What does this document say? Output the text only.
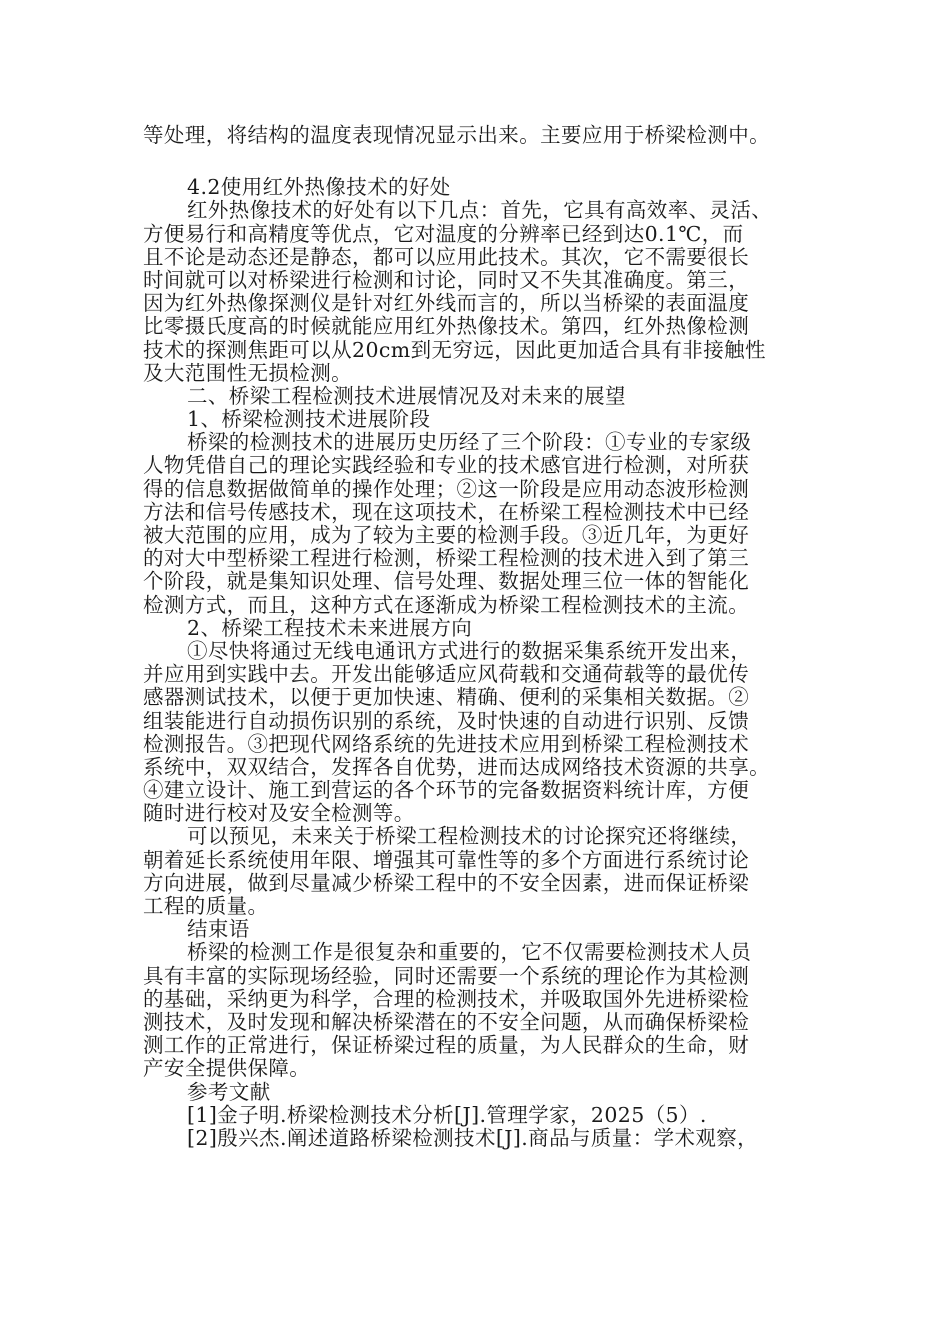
等处理，将结构的温度表现情况显示出来。主要应用于桥梁检测中。
4.2使用红外热像技术的好处
红外热像技术的好处有以下几点：首先，它具有高效率、灵活、
方便易行和高精度等优点，它对温度的分辨率已经到达0.1℃，而
且不论是动态还是静态，都可以应用此技术。其次，它不需要很长
时间就可以对桥梁进行检测和讨论，同时又不失其准确度。第三，
因为红外热像探测仪是针对红外线而言的，所以当桥梁的表面温度
比零摄氏度高的时候就能应用红外热像技术。第四，红外热像检测
技术的探测焦距可以从20cm到无穷远，因此更加适合具有非接触性
及大范围性无损检测。
二、桥梁工程检测技术进展情况及对未来的展望
1、桥梁检测技术进展阶段
桥梁的检测技术的进展历史历经了三个阶段：①专业的专家级
人物凭借自己的理论实践经验和专业的技术感官进行检测，对所获
得的信息数据做简单的操作处理；②这一阶段是应用动态波形检测
方法和信号传感技术，现在这项技术，在桥梁工程检测技术中已经
被大范围的应用，成为了较为主要的检测手段。③近几年，为更好
的对大中型桥梁工程进行检测，桥梁工程检测的技术进入到了第三
个阶段，就是集知识处理、信号处理、数据处理三位一体的智能化
检测方式，而且，这种方式在逐渐成为桥梁工程检测技术的主流。
2、桥梁工程技术未来进展方向
①尽快将通过无线电通讯方式进行的数据采集系统开发出来，
并应用到实践中去。开发出能够适应风荷载和交通荷载等的最优传
感器测试技术，以便于更加快速、精确、便利的采集相关数据。②
组装能进行自动损伤识别的系统，及时快速的自动进行识别、反馈
检测报告。③把现代网络系统的先进技术应用到桥梁工程检测技术
系统中，双双结合，发挥各自优势，进而达成网络技术资源的共享。
④建立设计、施工到营运的各个环节的完备数据资料统计库，方便
随时进行校对及安全检测等。
可以预见，未来关于桥梁工程检测技术的讨论探究还将继续，
朝着延长系统使用年限、增强其可靠性等的多个方面进行系统讨论
方向进展，做到尽量减少桥梁工程中的不安全因素，进而保证桥梁
工程的质量。
结束语
桥梁的检测工作是很复杂和重要的，它不仅需要检测技术人员
具有丰富的实际现场经验，同时还需要一个系统的理论作为其检测
的基础，采纳更为科学，合理的检测技术，并吸取国外先进桥梁检
测技术，及时发现和解决桥梁潜在的不安全问题，从而确保桥梁检
测工作的正常进行，保证桥梁过程的质量，为人民群众的生命，财
产安全提供保障。
参考文献
[1]金子明.桥梁检测技术分析[J].管理学家，2025（5）.
[2]殷兴杰.阐述道路桥梁检测技术[J].商品与质量：学术观察，
